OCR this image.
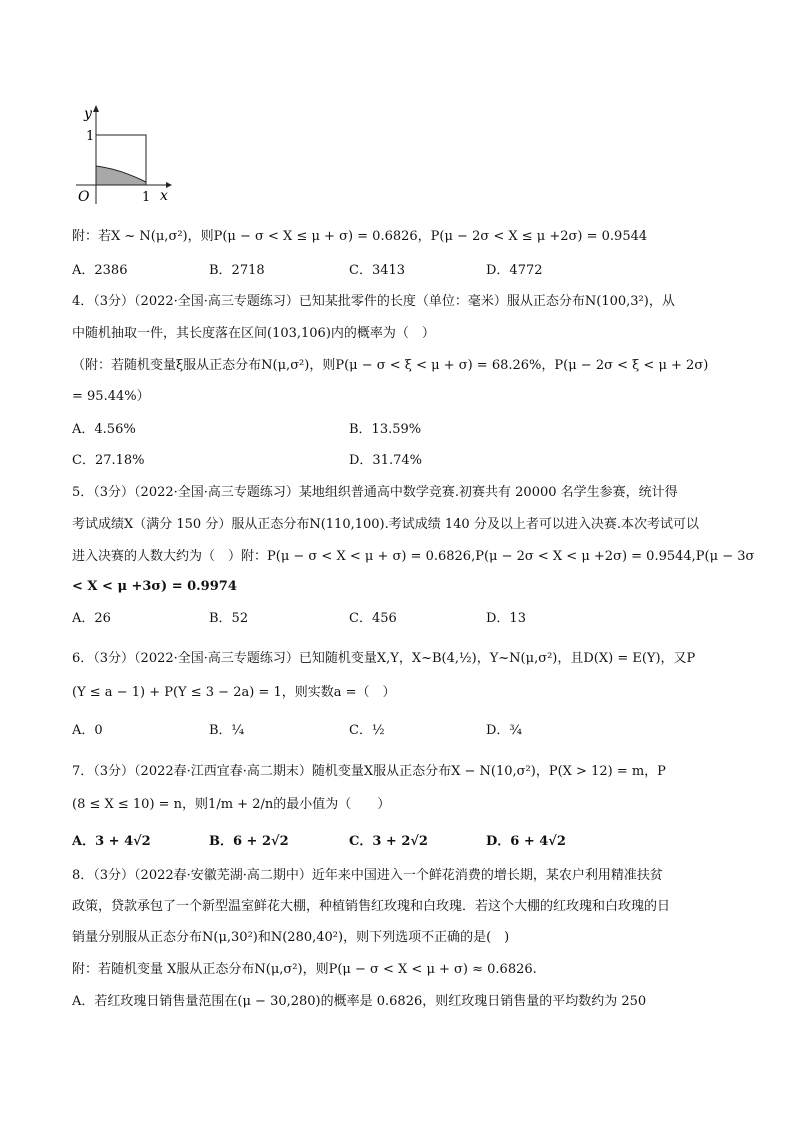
y
1
O	1 x
附：若X ~ N(μ,σ²)，则P(μ − σ < X ≤ μ + σ) = 0.6826，P(μ − 2σ < X ≤ μ +2σ) = 0.9544
A．2386	B．2718	C．3413	D．4772
4．（3分）（2022·全国·高三专题练习）已知某批零件的长度（单位：毫米）服从正态分布N(100,3²)，从
中随机抽取一件，其长度落在区间(103,106)内的概率为（　）
（附：若随机变量ξ服从正态分布N(μ,σ²)，则P(μ − σ < ξ < μ + σ) = 68.26%，P(μ − 2σ < ξ < μ + 2σ)
= 95.44%）
A．4.56%	B．13.59%
C．27.18%	D．31.74%
5．（3分）（2022·全国·高三专题练习）某地组织普通高中数学竞赛.初赛共有 20000 名学生参赛，统计得
考试成绩X（满分 150 分）服从正态分布N(110,100).考试成绩 140 分及以上者可以进入决赛.本次考试可以
进入决赛的人数大约为（　）附：P(μ − σ < X < μ + σ) = 0.6826,P(μ − 2σ < X < μ +2σ) = 0.9544,P(μ − 3σ
< X < μ +3σ) = 0.9974
A．26	B．52	C．456	D．13
6．（3分）（2022·全国·高三专题练习）已知随机变量X,Y，X~B(4,½)，Y~N(μ,σ²)，且D(X) = E(Y)，又P
(Y ≤ a − 1) + P(Y ≤ 3 − 2a) = 1，则实数a =（　）
A．0	B．¼	C．½	D．¾
7．（3分）（2022春·江西宜春·高二期末）随机变量X服从正态分布X − N(10,σ²)，P(X > 12) = m，P
(8 ≤ X ≤ 10) = n，则1/m + 2/n的最小值为（　　）
A．3 + 4√2	B．6 + 2√2	C．3 + 2√2	D．6 + 4√2
8．（3分）（2022春·安徽芜湖·高二期中）近年来中国进入一个鲜花消费的增长期，某农户利用精准扶贫
政策，贷款承包了一个新型温室鲜花大棚，种植销售红玫瑰和白玫瑰．若这个大棚的红玫瑰和白玫瑰的日
销量分别服从正态分布N(μ,30²)和N(280,40²)，则下列选项不正确的是(　)
附：若随机变量 X服从正态分布N(μ,σ²)，则P(μ − σ < X < μ + σ) ≈ 0.6826.
A．若红玫瑰日销售量范围在(μ − 30,280)的概率是 0.6826，则红玫瑰日销售量的平均数约为 250
